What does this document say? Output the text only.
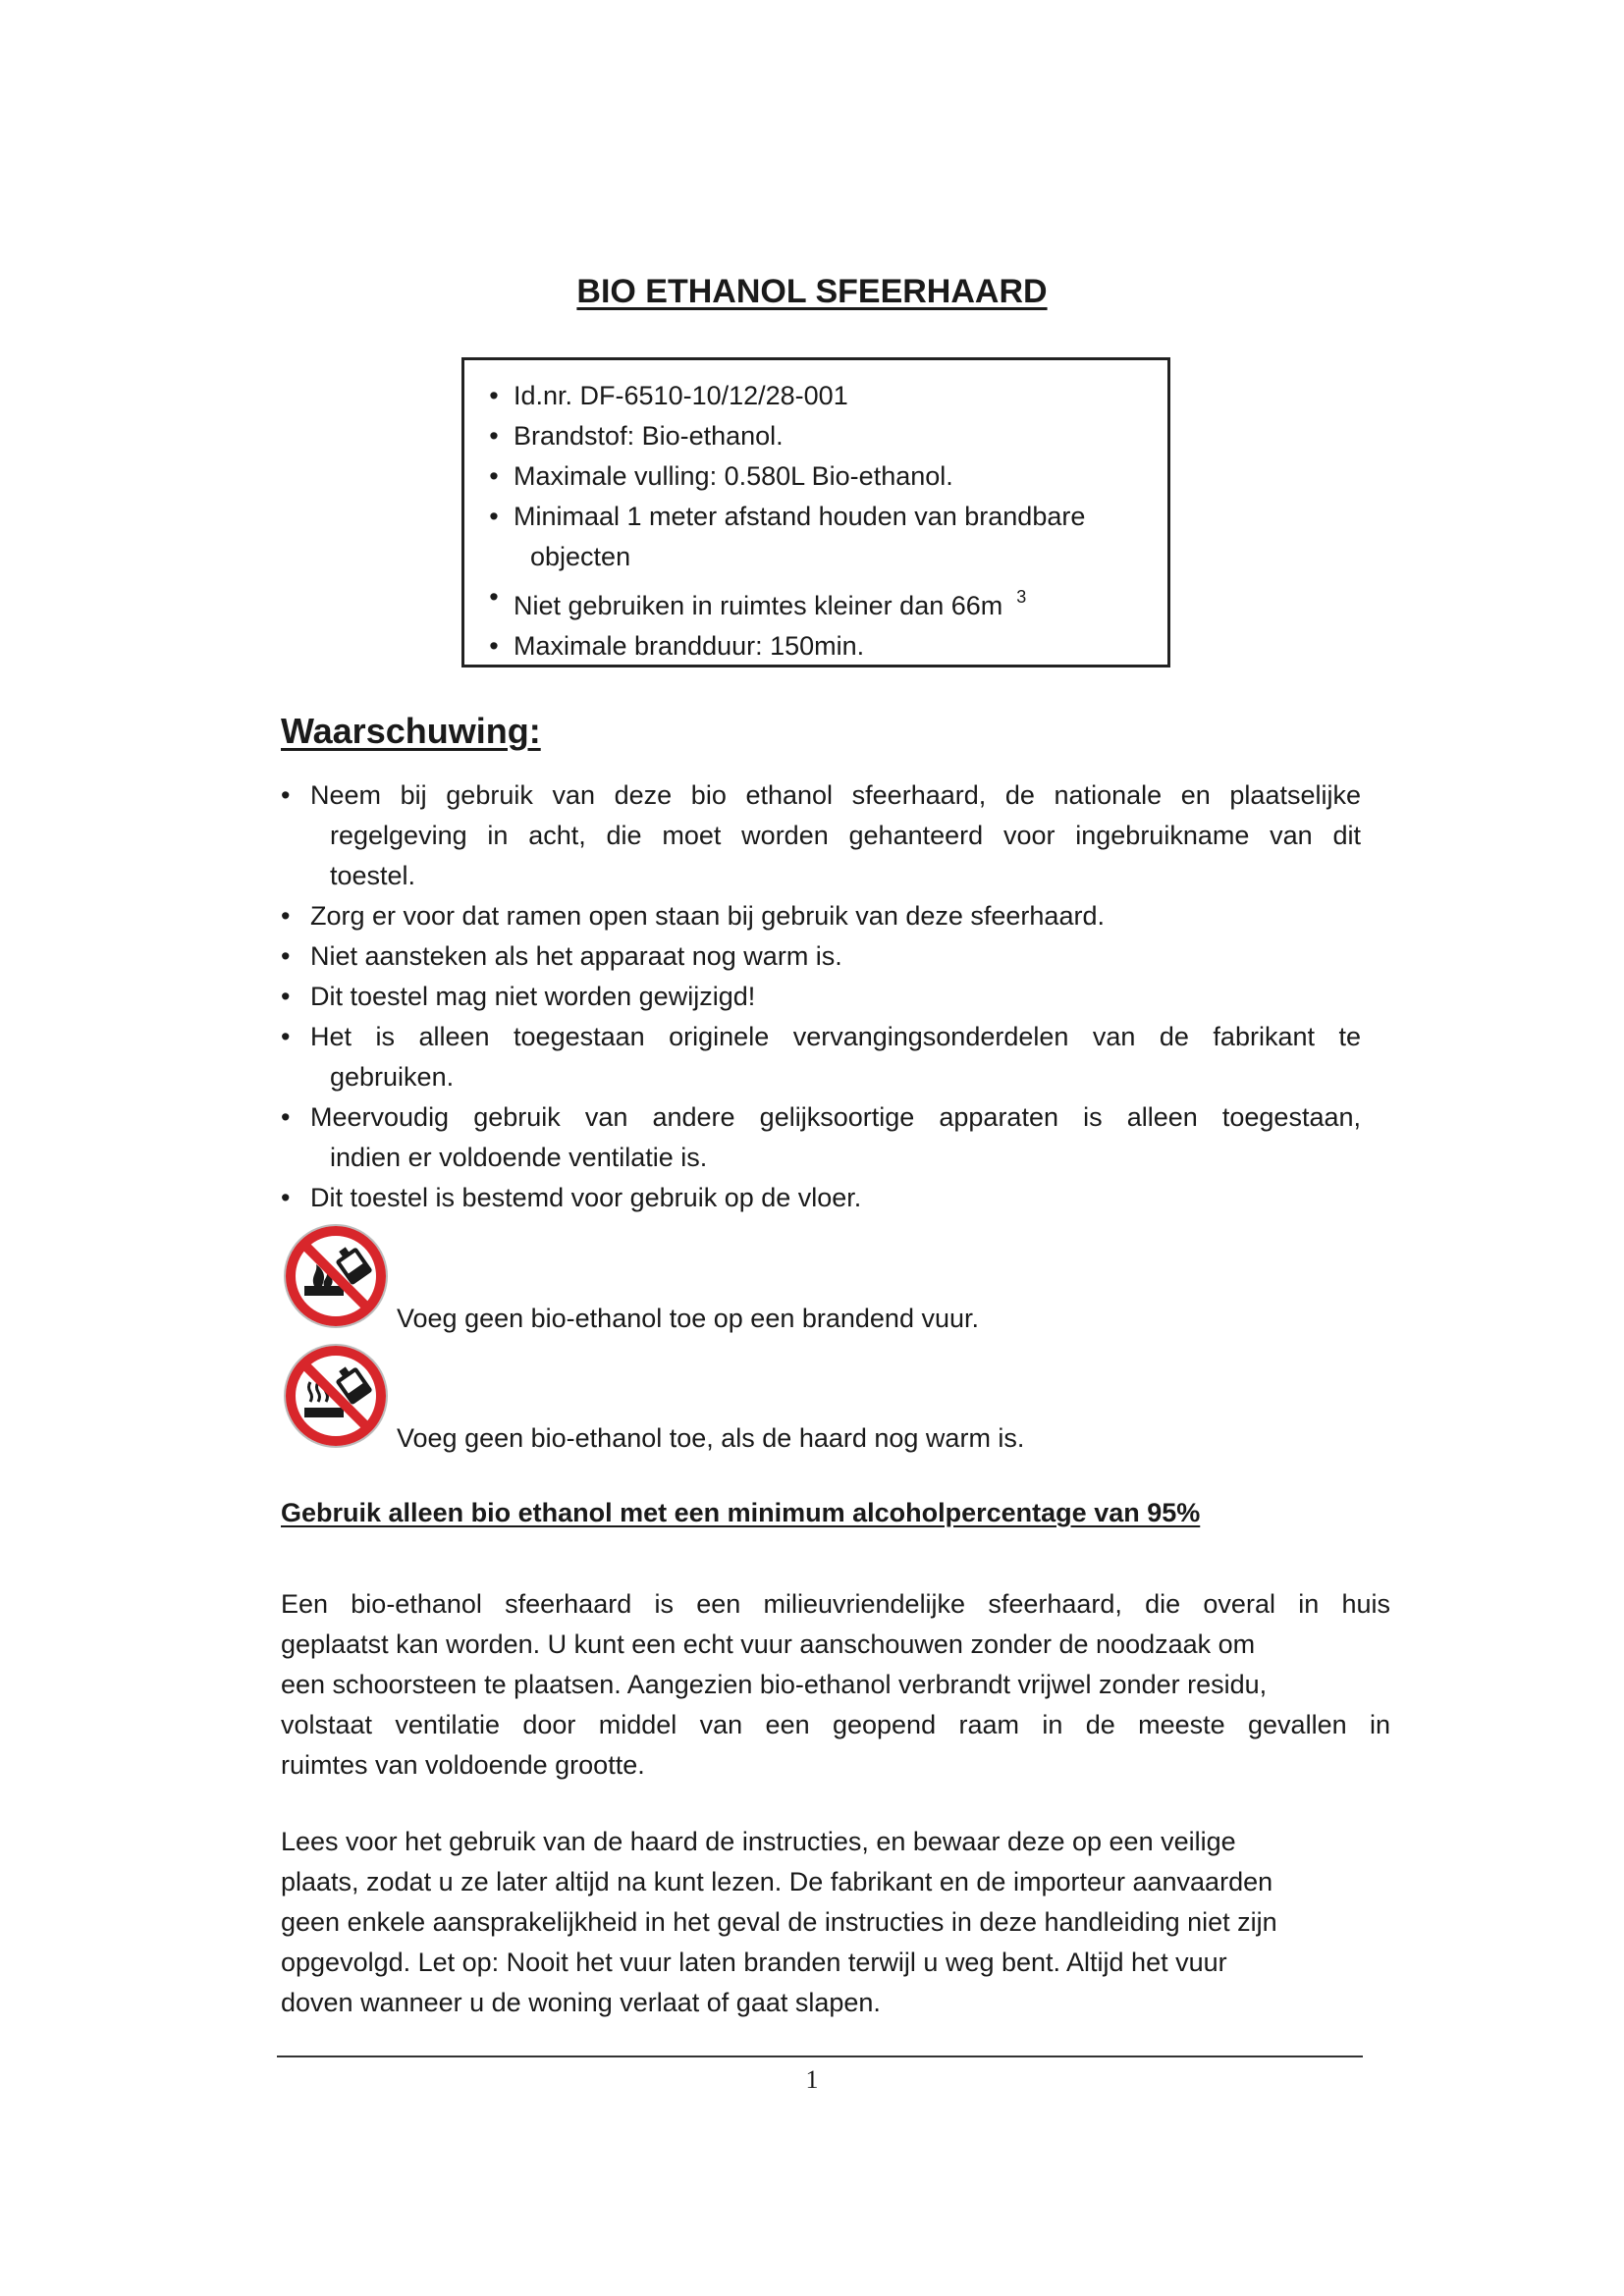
BIO ETHANOL SFEERHAARD
• Id.nr. DF-6510-10/12/28-001
• Brandstof: Bio-ethanol.
• Maximale vulling: 0.580L Bio-ethanol.
• Minimaal 1 meter afstand houden van brandbare
objecten
• Niet gebruiken in ruimtes kleiner dan 66m $^3$
• Maximale brandduur: 150min.
Waarschuwing:
• Neem bij gebruik van deze bio ethanol sfeerhaard, de nationale en plaatselijke
regelgeving in acht, die moet worden gehanteerd voor ingebruikname van dit
toestel.
• Zorg er voor dat ramen open staan bij gebruik van deze sfeerhaard.
• Niet aansteken als het apparaat nog warm is.
• Dit toestel mag niet worden gewijzigd!
• Het is alleen toegestaan originele vervangingsonderdelen van de fabrikant te
gebruiken.
• Meervoudig gebruik van andere gelijksoortige apparaten is alleen toegestaan,
indien er voldoende ventilatie is.
• Dit toestel is bestemd voor gebruik op de vloer.
Voeg geen bio-ethanol toe op een brandend vuur.
Voeg geen bio-ethanol toe, als de haard nog warm is.
Gebruik alleen bio ethanol met een minimum alcoholpercentage van 95%
Een bio-ethanol sfeerhaard is een milieuvriendelijke sfeerhaard, die overal in huis
geplaatst kan worden. U kunt een echt vuur aanschouwen zonder de noodzaak om
een schoorsteen te plaatsen. Aangezien bio-ethanol verbrandt vrijwel zonder residu,
volstaat ventilatie door middel van een geopend raam in de meeste gevallen in
ruimtes van voldoende grootte.
Lees voor het gebruik van de haard de instructies, en bewaar deze op een veilige
plaats, zodat u ze later altijd na kunt lezen. De fabrikant en de importeur aanvaarden
geen enkele aansprakelijkheid in het geval de instructies in deze handleiding niet zijn
opgevolgd. Let op: Nooit het vuur laten branden terwijl u weg bent. Altijd het vuur
doven wanneer u de woning verlaat of gaat slapen.
1
